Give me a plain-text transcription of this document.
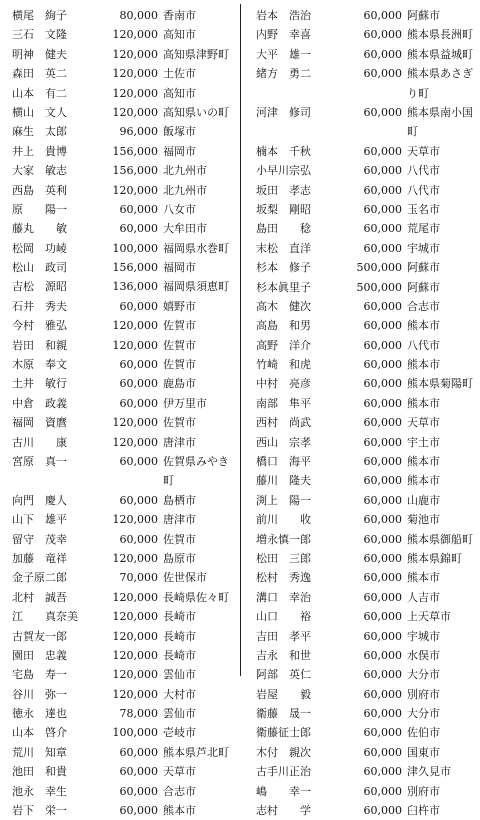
横尾　絢子	80,000 香南市
三石　文隆	120,000 高知市
明神　健夫	120,000 高知県津野町
森田　英二	120,000 土佐市
山本　有二	120,000 高知市
横山　文人	120,000 高知県いの町
麻生　太郎	96,000 飯塚市
井上　貴博	156,000 福岡市
大家　敏志	156,000 北九州市
西島　英利	120,000 北九州市
原　　陽一	60,000 八女市
藤丸　　敏	60,000 大牟田市
松岡　功崚	100,000 福岡県水巻町
松山　政司	156,000 福岡市
吉松　源昭	136,000 福岡県須恵町
石井　秀夫	60,000 嬉野市
今村　雅弘	120,000 佐賀市
岩田　和親	120,000 佐賀市
木原　奉文	60,000 佐賀市
土井　敏行	60,000 鹿島市
中倉　政義	60,000 伊万里市
福岡　資麿	120,000 佐賀市
古川　　康	120,000 唐津市
宮原　真一	60,000 佐賀県みやき町
向門　慶人	60,000 島栖市
山下　雄平	120,000 唐津市
留守　茂幸	60,000 佐賀市
加藤　竜祥	120,000 島原市
金子原二郎	70,000 佐世保市
北村　誠吾	120,000 長崎県佐々町
江　　真奈美	120,000 長崎市
古賀友一郎	120,000 長崎市
園田　忠義	120,000 長崎市
宅島　寿一	120,000 雲仙市
谷川　弥一	120,000 大村市
徳永　達也	78,000 雲仙市
山本　啓介	100,000 壱岐市
荒川　知章	60,000 熊本県芦北町
池田　和貴	60,000 天草市
池永　幸生	60,000 合志市
岩下　栄一	60,000 熊本市
岩本　浩治	60,000 阿蘇市
内野　幸喜	60,000 熊本県長洲町
大平　雄一	60,000 熊本県益城町
緒方　勇二	60,000 熊本県あさぎり町
河津　修司	60,000 熊本県南小国町
楠本　千秋	60,000 天草市
小早川宗弘	60,000 八代市
坂田　孝志	60,000 八代市
坂梨　剛昭	60,000 玉名市
島田　　稔	60,000 荒尾市
末松　直洋	60,000 宇城市
杉本　修子	500,000 阿蘇市
杉本眞里子	500,000 阿蘇市
高木　健次	60,000 合志市
高島　和男	60,000 熊本市
高野　洋介	60,000 八代市
竹崎　和虎	60,000 熊本市
中村　亮彦	60,000 熊本県菊陽町
南部　隼平	60,000 熊本市
西村　尚武	60,000 天草市
西山　宗孝	60,000 宇土市
橋口　海平	60,000 熊本市
藤川　隆夫	60,000 熊本市
渕上　陽一	60,000 山鹿市
前川　　收	60,000 菊池市
増永慎一郎	60,000 熊本県御船町
松田　三郎	60,000 熊本県錦町
松村　秀逸	60,000 熊本市
溝口　幸治	60,000 人吉市
山口　　裕	60,000 上天草市
吉田　孝平	60,000 宇城市
吉永　和世	60,000 水俣市
阿部　英仁	60,000 大分市
岩屋　　毅	60,000 別府市
衛藤　晟一	60,000 大分市
衛藤征士郎	60,000 佐伯市
木付　親次	60,000 国東市
古手川正治	60,000 津久見市
嶋　　幸一	60,000 別府市
志村　　学	60,000 臼杵市
